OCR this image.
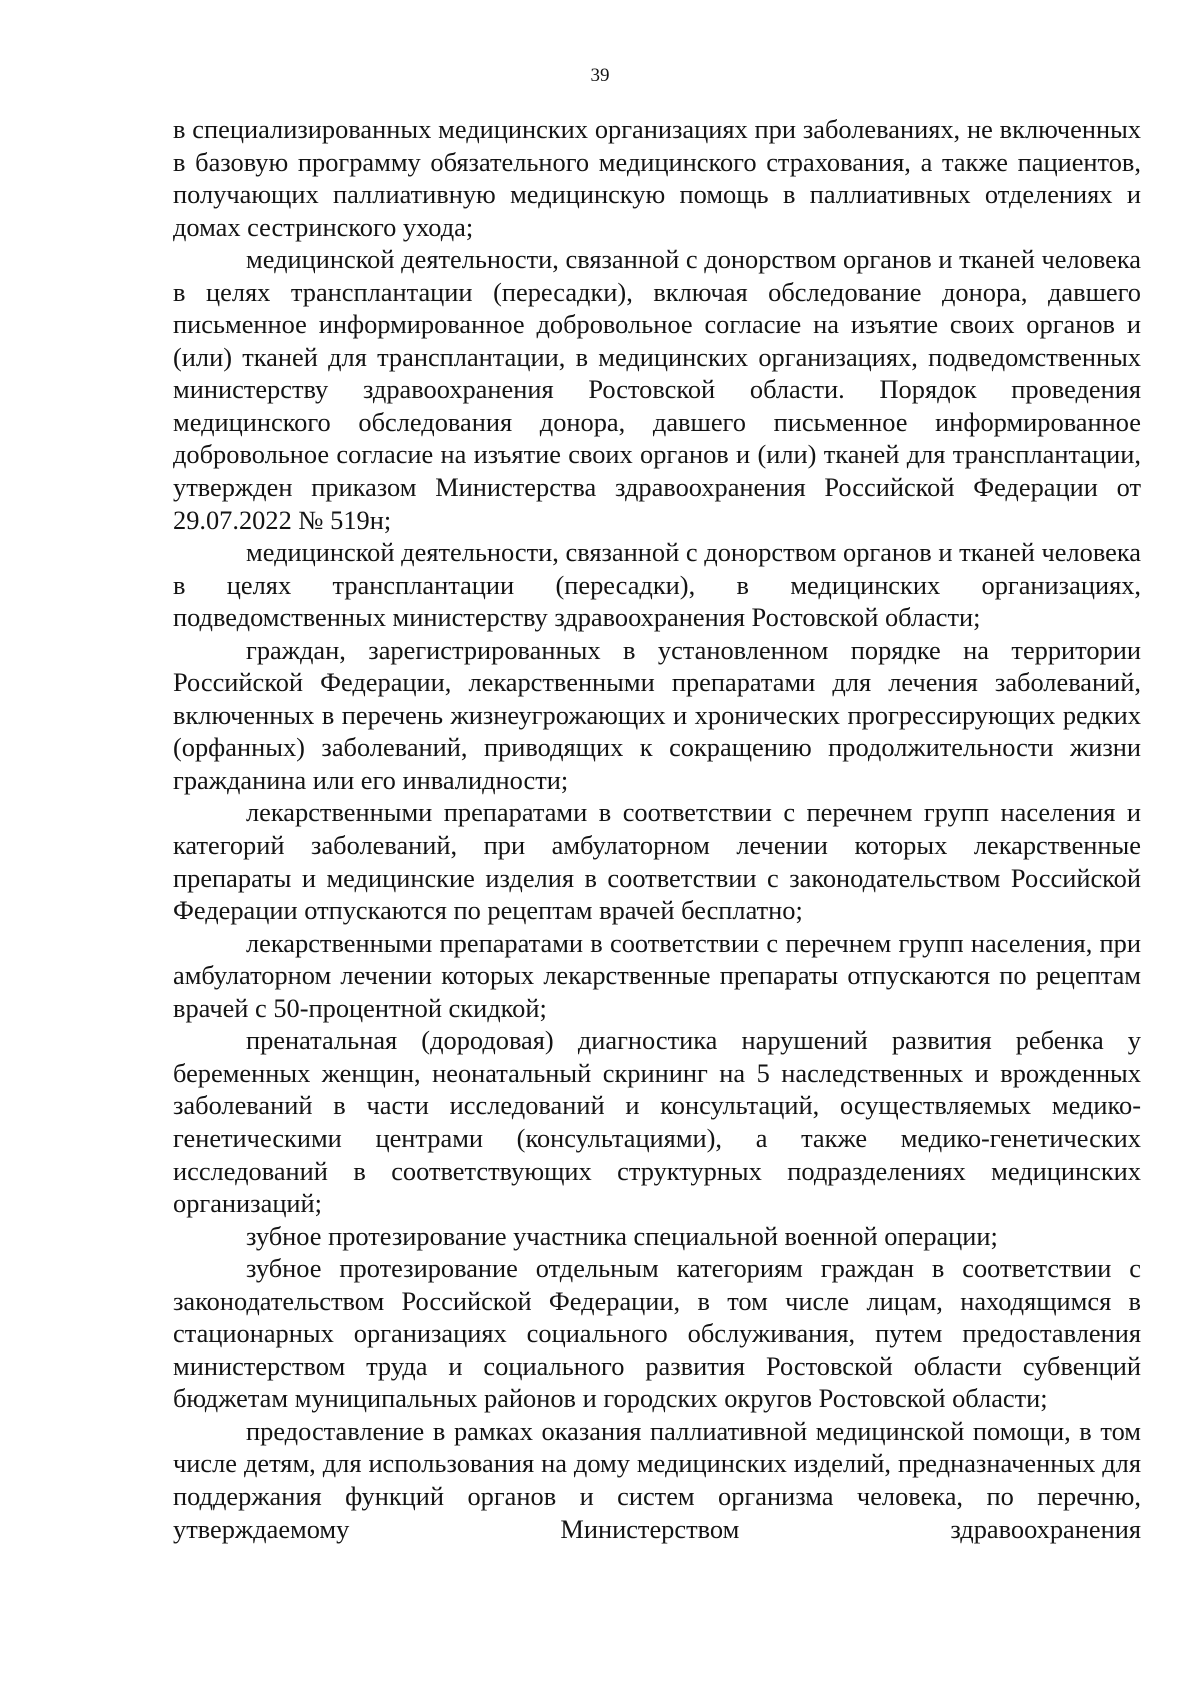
39

в специализированных медицинских организациях при заболеваниях, не включенных в базовую программу обязательного медицинского страхования, а также пациентов, получающих паллиативную медицинскую помощь в паллиативных отделениях и домах сестринского ухода;

медицинской деятельности, связанной с донорством органов и тканей человека в целях трансплантации (пересадки), включая обследование донора, давшего письменное информированное добровольное согласие на изъятие своих органов и (или) тканей для трансплантации, в медицинских организациях, подведомственных министерству здравоохранения Ростовской области. Порядок проведения медицинского обследования донора, давшего письменное информированное добровольное согласие на изъятие своих органов и (или) тканей для трансплантации, утвержден приказом Министерства здравоохранения Российской Федерации от 29.07.2022 № 519н;

медицинской деятельности, связанной с донорством органов и тканей человека в целях трансплантации (пересадки), в медицинских организациях, подведомственных министерству здравоохранения Ростовской области;

граждан, зарегистрированных в установленном порядке на территории Российской Федерации, лекарственными препаратами для лечения заболеваний, включенных в перечень жизнеугрожающих и хронических прогрессирующих редких (орфанных) заболеваний, приводящих к сокращению продолжительности жизни гражданина или его инвалидности;

лекарственными препаратами в соответствии с перечнем групп населения и категорий заболеваний, при амбулаторном лечении которых лекарственные препараты и медицинские изделия в соответствии с законодательством Российской Федерации отпускаются по рецептам врачей бесплатно;

лекарственными препаратами в соответствии с перечнем групп населения, при амбулаторном лечении которых лекарственные препараты отпускаются по рецептам врачей с 50-процентной скидкой;

пренатальная (дородовая) диагностика нарушений развития ребенка у беременных женщин, неонатальный скрининг на 5 наследственных и врожденных заболеваний в части исследований и консультаций, осуществляемых медико-генетическими центрами (консультациями), а также медико-генетических исследований в соответствующих структурных подразделениях медицинских организаций;

зубное протезирование участника специальной военной операции;

зубное протезирование отдельным категориям граждан в соответствии с законодательством Российской Федерации, в том числе лицам, находящимся в стационарных организациях социального обслуживания, путем предоставления министерством труда и социального развития Ростовской области субвенций бюджетам муниципальных районов и городских округов Ростовской области;

предоставление в рамках оказания паллиативной медицинской помощи, в том числе детям, для использования на дому медицинских изделий, предназначенных для поддержания функций органов и систем организма человека, по перечню, утверждаемому Министерством здравоохранения
